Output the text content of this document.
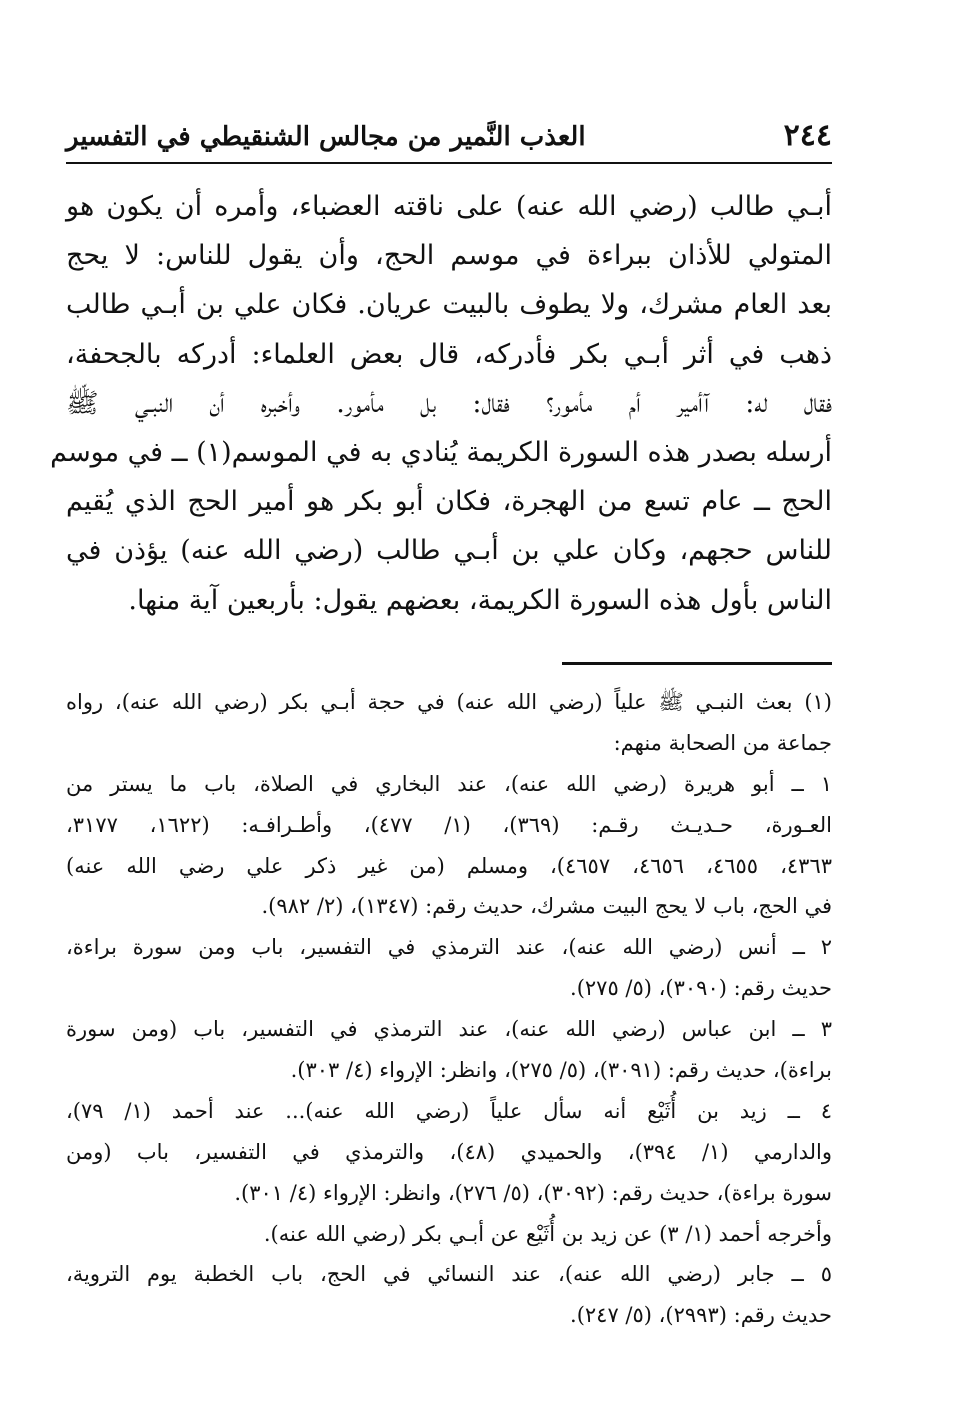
٢٤٤
العذب النَّمير من مجالس الشنقيطي في التفسير
أبـي طالب (رضي الله عنه) على ناقته العضباء، وأمره أن يكون هو
المتولي للأذان ببراءة في موسم الحج، وأن يقول للناس: لا يحج
بعد العام مشرك، ولا يطوف بالبيت عريان. فكان علي بن أبـي طالب
ذهب في أثر أبـي بكر فأدركه، قال بعض العلماء: أدركه بالجحفة،
فقال له: آأمير أم مأمور؟ فقال: بل مأمور. وأخبره أن النبـي ﷺ
أرسله بصدر هذه السورة الكريمة يُنادي به في الموسم(١) ــ في موسم
الحج ــ عام تسع من الهجرة، فكان أبو بكر هو أمير الحج الذي يُقيم
للناس حجهم، وكان علي بن أبـي طالب (رضي الله عنه) يؤذن في
الناس بأول هذه السورة الكريمة، بعضهم يقول: بأربعين آية منها.
(١) بعث النبـي ﷺ علياً (رضي الله عنه) في حجة أبـي بكر (رضي الله عنه)، رواه
جماعة من الصحابة منهم:
١ ــ أبو هريرة (رضي الله عنه)، عند البخاري في الصلاة، باب ما يستر من
العـورة، حـديـث رقـم: (٣٦٩)، (١/ ٤٧٧)، وأطـرافـه: (١٦٢٢، ٣١٧٧،
٤٣٦٣، ٤٦٥٥، ٤٦٥٦، ٤٦٥٧)، ومسلم (من غير ذكر علي رضي الله عنه)
في الحج، باب لا يحج البيت مشرك، حديث رقم: (١٣٤٧)، (٢/ ٩٨٢).
٢ ــ أنس (رضي الله عنه)، عند الترمذي في التفسير، باب ومن سورة براءة،
حديث رقم: (٣٠٩٠)، (٥/ ٢٧٥).
٣ ــ ابن عباس (رضي الله عنه)، عند الترمذي في التفسير، باب (ومن سورة
براءة)، حديث رقم: (٣٠٩١)، (٥/ ٢٧٥)، وانظر: الإرواء (٤/ ٣٠٣).
٤ ــ زيد بن أُثَيْع أنه سأل علياً (رضي الله عنه)... عند أحمد (١/ ٧٩)،
والدارمي (١/ ٣٩٤)، والحميدي (٤٨)، والترمذي في التفسير، باب (ومن
سورة براءة)، حديث رقم: (٣٠٩٢)، (٥/ ٢٧٦)، وانظر: الإرواء (٤/ ٣٠١).
وأخرجه أحمد (١/ ٣) عن زيد بن أُثَيْع عن أبـي بكر (رضي الله عنه).
٥ ــ جابر (رضي الله عنه)، عند النسائي في الحج، باب الخطبة يوم التروية،
حديث رقم: (٢٩٩٣)، (٥/ ٢٤٧).
